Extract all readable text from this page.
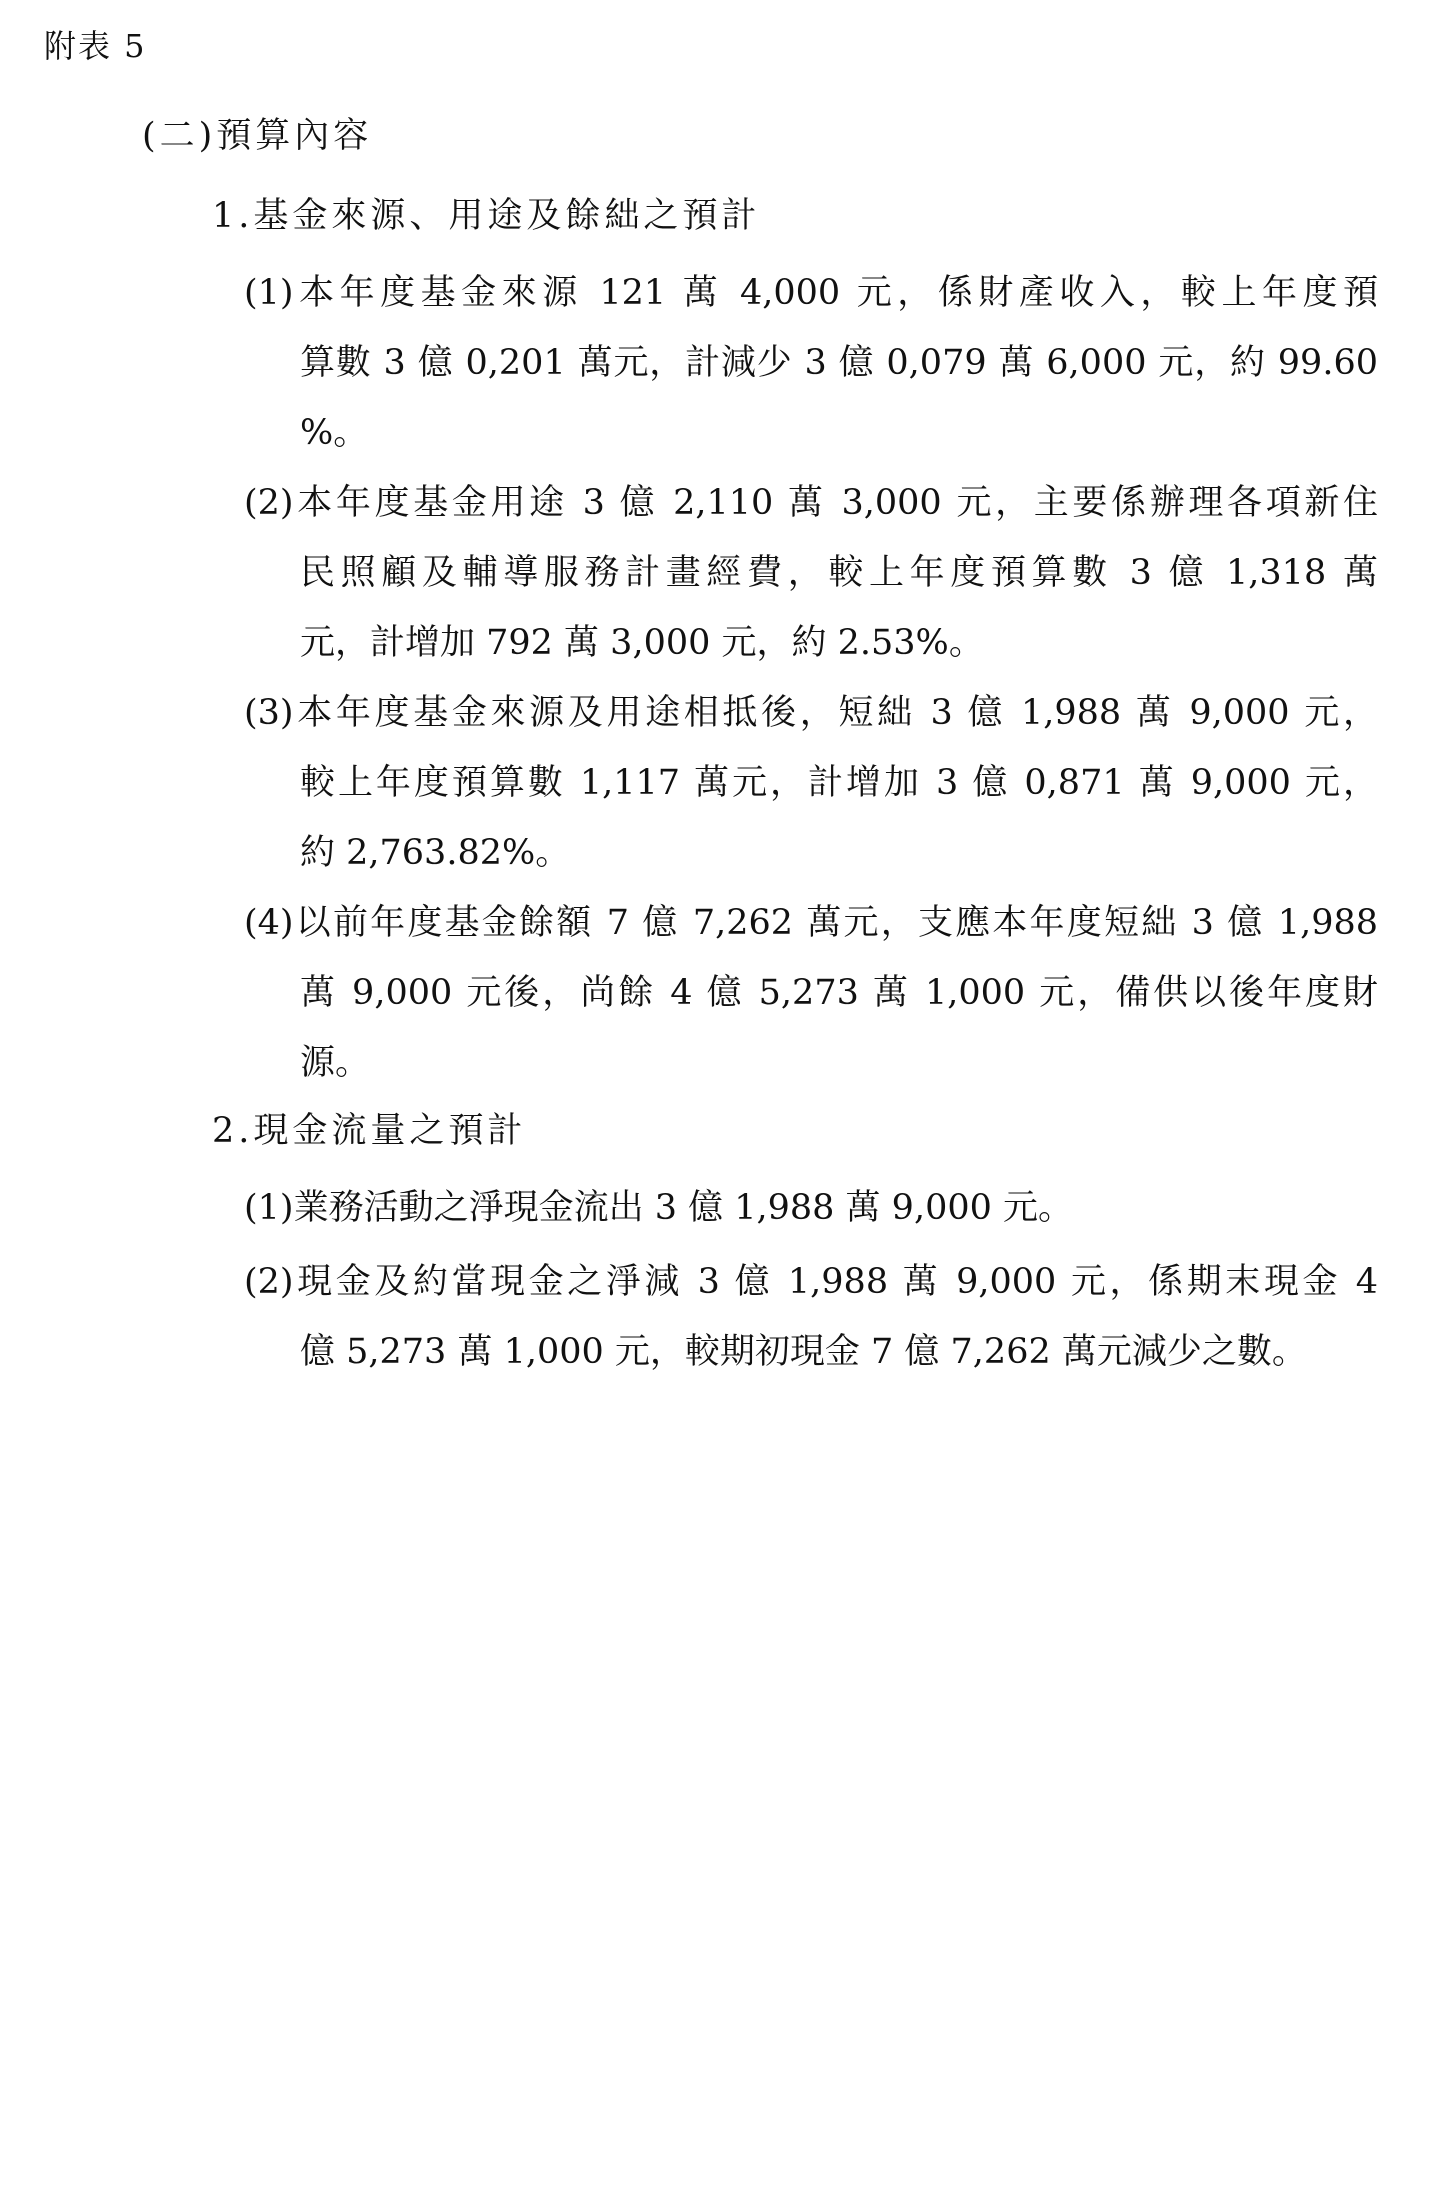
附表 5
(二)預算內容
1.基金來源、用途及餘絀之預計
(1)本年度基金來源 121 萬 4,000 元，係財產收入，較上年度預
算數 3 億 0,201 萬元，計減少 3 億 0,079 萬 6,000 元，約 99.60
%。
(2)本年度基金用途 3 億 2,110 萬 3,000 元，主要係辦理各項新住
民照顧及輔導服務計畫經費，較上年度預算數 3 億 1,318 萬
元，計增加 792 萬 3,000 元，約 2.53%。
(3)本年度基金來源及用途相抵後，短絀 3 億 1,988 萬 9,000 元，
較上年度預算數 1,117 萬元，計增加 3 億 0,871 萬 9,000 元，
約 2,763.82%。
(4)以前年度基金餘額 7 億 7,262 萬元，支應本年度短絀 3 億 1,988
萬 9,000 元後，尚餘 4 億 5,273 萬 1,000 元，備供以後年度財
源。
2.現金流量之預計
(1)業務活動之淨現金流出 3 億 1,988 萬 9,000 元。
(2)現金及約當現金之淨減 3 億 1,988 萬 9,000 元，係期末現金 4
億 5,273 萬 1,000 元，較期初現金 7 億 7,262 萬元減少之數。
